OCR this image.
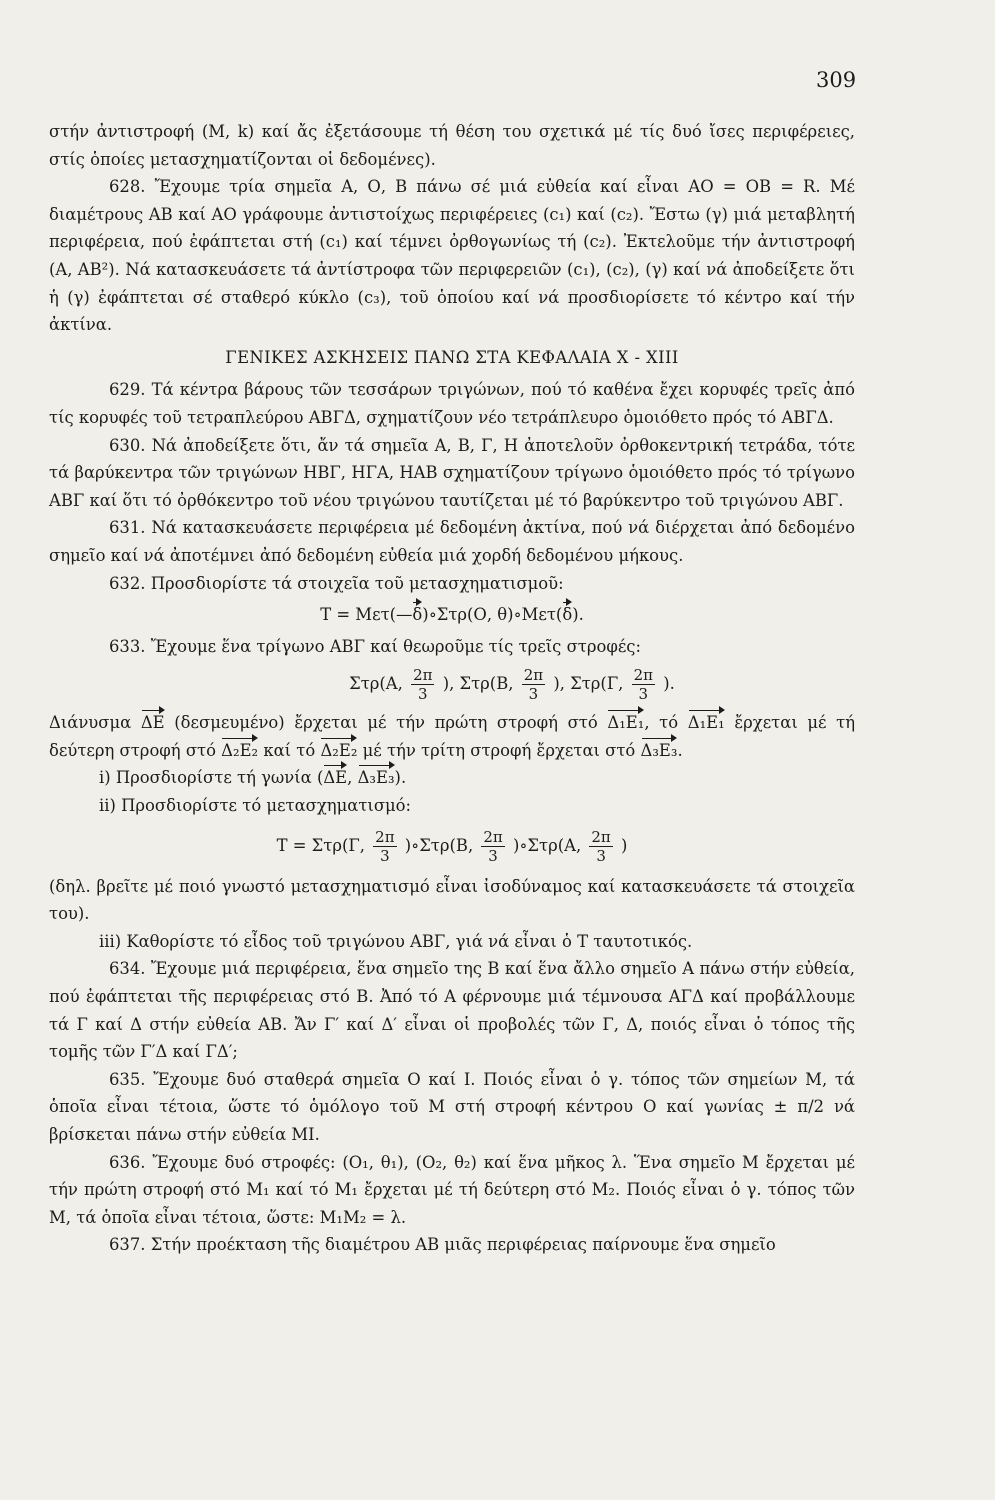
309

στήν ἀντιστροφή (Μ, k) καί ἄς ἐξετάσουμε τή θέση του σχετικά μέ τίς δυό ἴσες περιφέρειες, στίς ὁποίες μετασχηματίζονται οἱ δεδομένες).

628. Ἔχουμε τρία σημεῖα Α, Ο, Β πάνω σέ μιά εὐθεία καί εἶναι ΑΟ = ΟΒ = R. Μέ διαμέτρους ΑΒ καί ΑΟ γράφουμε ἀντιστοίχως περιφέρειες (c₁) καί (c₂). Ἔστω (γ) μιά μεταβλητή περιφέρεια, πού ἐφάπτεται στή (c₁) καί τέμνει ὀρθογωνίως τή (c₂). Ἐκτελοῦμε τήν ἀντιστροφή (Α, ΑΒ²). Νά κατασκευάσετε τά ἀντίστροφα τῶν περιφερειῶν (c₁), (c₂), (γ) καί νά ἀποδείξετε ὅτι ἡ (γ) ἐφάπτεται σέ σταθερό κύκλο (c₃), τοῦ ὁποίου καί νά προσδιορίσετε τό κέντρο καί τήν ἀκτίνα.

ΓΕΝΙΚΕΣ ΑΣΚΗΣΕΙΣ ΠΑΝΩ ΣΤΑ ΚΕΦΑΛΑΙΑ Χ - ΧΙΙΙ

629. Τά κέντρα βάρους τῶν τεσσάρων τριγώνων, πού τό καθένα ἔχει κορυφές τρεῖς ἀπό τίς κορυφές τοῦ τετραπλεύρου ΑΒΓΔ, σχηματίζουν νέο τετράπλευρο ὁμοιόθετο πρός τό ΑΒΓΔ.

630. Νά ἀποδείξετε ὅτι, ἄν τά σημεῖα Α, Β, Γ, Η ἀποτελοῦν ὀρθοκεντρική τετράδα, τότε τά βαρύκεντρα τῶν τριγώνων ΗΒΓ, ΗΓΑ, ΗΑΒ σχηματίζουν τρίγωνο ὁμοιόθετο πρός τό τρίγωνο ΑΒΓ καί ὅτι τό ὀρθόκεντρο τοῦ νέου τριγώνου ταυτίζεται μέ τό βαρύκεντρο τοῦ τριγώνου ΑΒΓ.

631. Νά κατασκευάσετε περιφέρεια μέ δεδομένη ἀκτίνα, πού νά διέρχεται ἀπό δεδομένο σημεῖο καί νά ἀποτέμνει ἀπό δεδομένη εὐθεία μιά χορδή δεδομένου μήκους.

632. Προσδιορίστε τά στοιχεῖα τοῦ μετασχηματισμοῦ:

Τ = Μετ(—δ)∘Στρ(Ο, θ)∘Μετ(δ).

633. Ἔχουμε ἕνα τρίγωνο ΑΒΓ καί θεωροῦμε τίς τρεῖς στροφές:

Στρ(Α, $\frac{2\pi}{3}$ ), Στρ(Β, $\frac{2\pi}{3}$ ), Στρ(Γ, $\frac{2\pi}{3}$ ).

Διάνυσμα ΔΕ (δεσμευμένο) ἔρχεται μέ τήν πρώτη στροφή στό Δ₁Ε₁, τό Δ₁Ε₁ ἔρχεται μέ τή δεύτερη στροφή στό Δ₂Ε₂ καί τό Δ₂Ε₂ μέ τήν τρίτη στροφή ἔρχεται στό Δ₃Ε₃.

i) Προσδιορίστε τή γωνία (ΔΕ, Δ₃Ε₃).

ii) Προσδιορίστε τό μετασχηματισμό:

Τ = Στρ(Γ, $\frac{2\pi}{3}$ )∘Στρ(Β, $\frac{2\pi}{3}$ )∘Στρ(Α, $\frac{2\pi}{3}$ )

(δηλ. βρεῖτε μέ ποιό γνωστό μετασχηματισμό εἶναι ἰσοδύναμος καί κατασκευάσετε τά στοιχεῖα του).

iii) Καθορίστε τό εἶδος τοῦ τριγώνου ΑΒΓ, γιά νά εἶναι ὁ Τ ταυτοτικός.

634. Ἔχουμε μιά περιφέρεια, ἕνα σημεῖο της Β καί ἕνα ἄλλο σημεῖο Α πάνω στήν εὐθεία, πού ἐφάπτεται τῆς περιφέρειας στό Β. Ἀπό τό Α φέρνουμε μιά τέμνουσα ΑΓΔ καί προβάλλουμε τά Γ καί Δ στήν εὐθεία ΑΒ. Ἄν Γ′ καί Δ′ εἶναι οἱ προβολές τῶν Γ, Δ, ποιός εἶναι ὁ τόπος τῆς τομῆς τῶν Γ′Δ καί ΓΔ′;

635. Ἔχουμε δυό σταθερά σημεῖα Ο καί Ι. Ποιός εἶναι ὁ γ. τόπος τῶν σημείων Μ, τά ὁποῖα εἶναι τέτοια, ὥστε τό ὁμόλογο τοῦ Μ στή στροφή κέντρου Ο καί γωνίας ± π/2 νά βρίσκεται πάνω στήν εὐθεία ΜΙ.

636. Ἔχουμε δυό στροφές: (Ο₁, θ₁), (Ο₂, θ₂) καί ἕνα μῆκος λ. Ἕνα σημεῖο Μ ἔρχεται μέ τήν πρώτη στροφή στό Μ₁ καί τό Μ₁ ἔρχεται μέ τή δεύτερη στό Μ₂. Ποιός εἶναι ὁ γ. τόπος τῶν Μ, τά ὁποῖα εἶναι τέτοια, ὥστε: Μ₁Μ₂ = λ.

637. Στήν προέκταση τῆς διαμέτρου ΑΒ μιᾶς περιφέρειας παίρνουμε ἕνα σημεῖο
